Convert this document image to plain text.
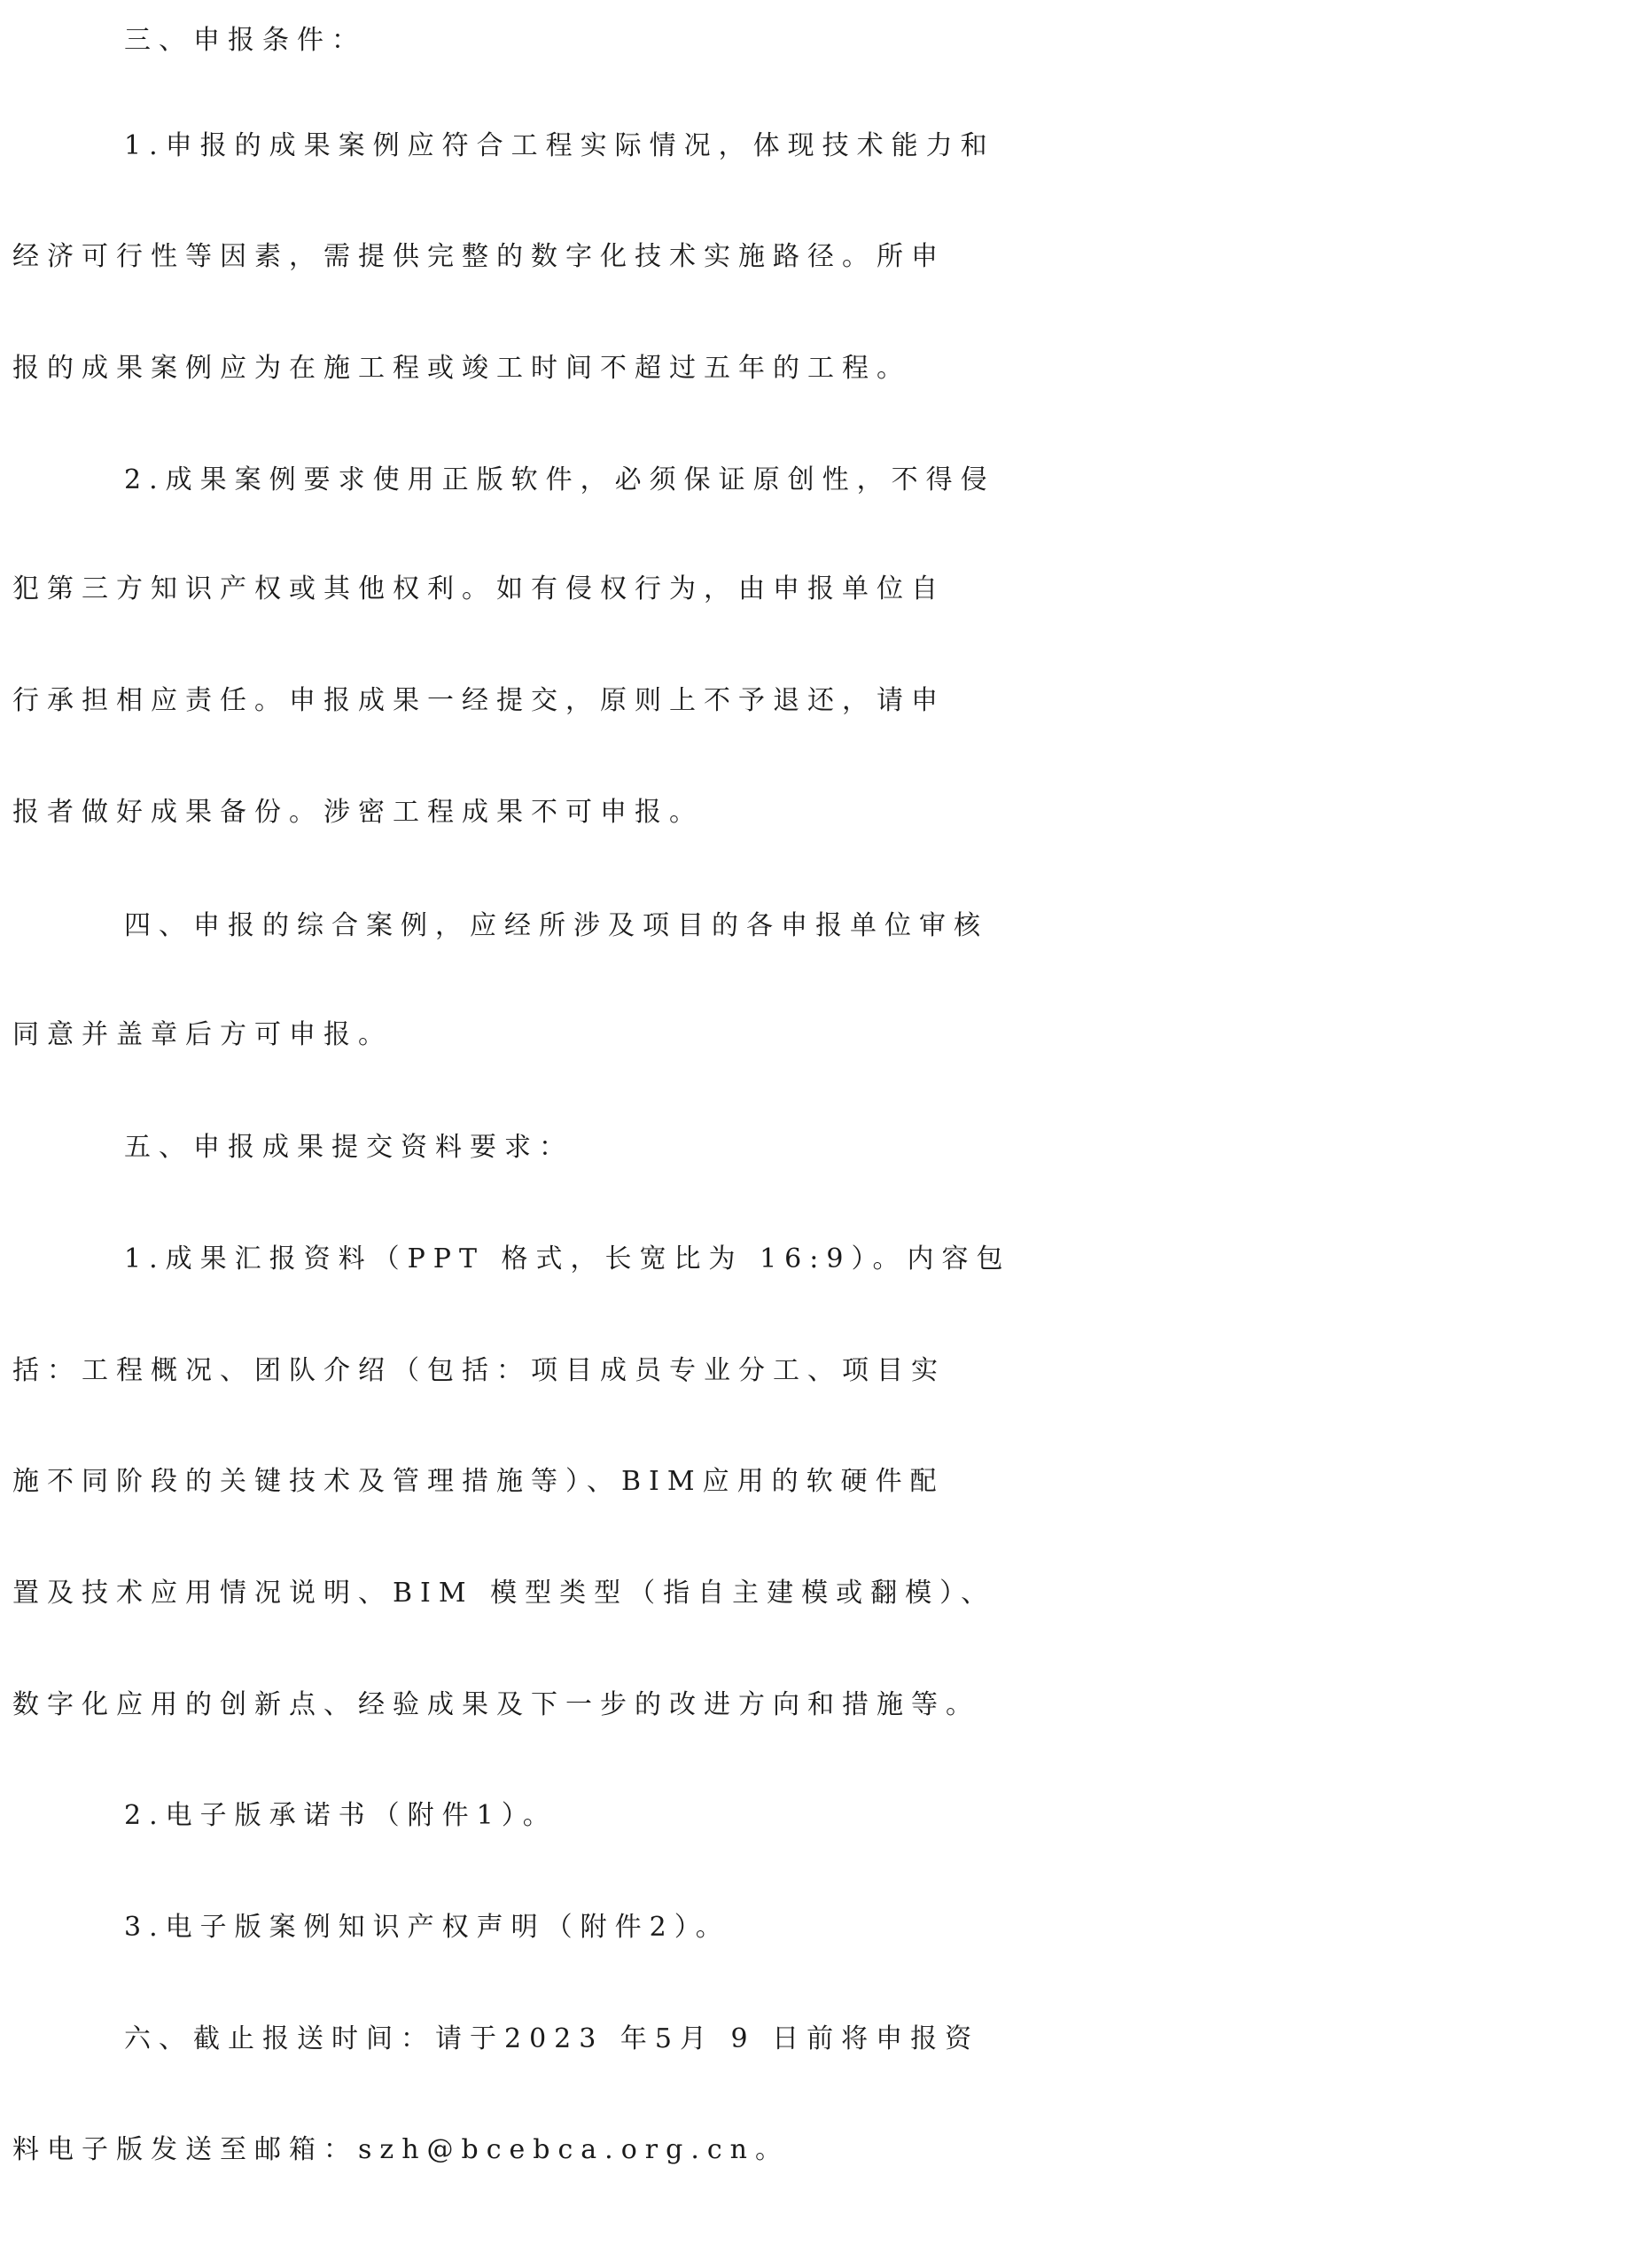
三、申报条件：
1.申报的成果案例应符合工程实际情况，体现技术能力和
经济可行性等因素，需提供完整的数字化技术实施路径。所申
报的成果案例应为在施工程或竣工时间不超过五年的工程。
2.成果案例要求使用正版软件，必须保证原创性，不得侵
犯第三方知识产权或其他权利。如有侵权行为，由申报单位自
行承担相应责任。申报成果一经提交，原则上不予退还，请申
报者做好成果备份。涉密工程成果不可申报。
四、申报的综合案例，应经所涉及项目的各申报单位审核
同意并盖章后方可申报。
五、申报成果提交资料要求：
1.成果汇报资料（PPT 格式，长宽比为 16:9）。内容包
括：工程概况、团队介绍（包括：项目成员专业分工、项目实
施不同阶段的关键技术及管理措施等）、BIM应用的软硬件配
置及技术应用情况说明、BIM 模型类型（指自主建模或翻模）、
数字化应用的创新点、经验成果及下一步的改进方向和措施等。
2.电子版承诺书（附件1）。
3.电子版案例知识产权声明（附件2）。
六、截止报送时间：请于2023 年5月 9 日前将申报资
料电子版发送至邮箱：szh@bcebca.org.cn。
